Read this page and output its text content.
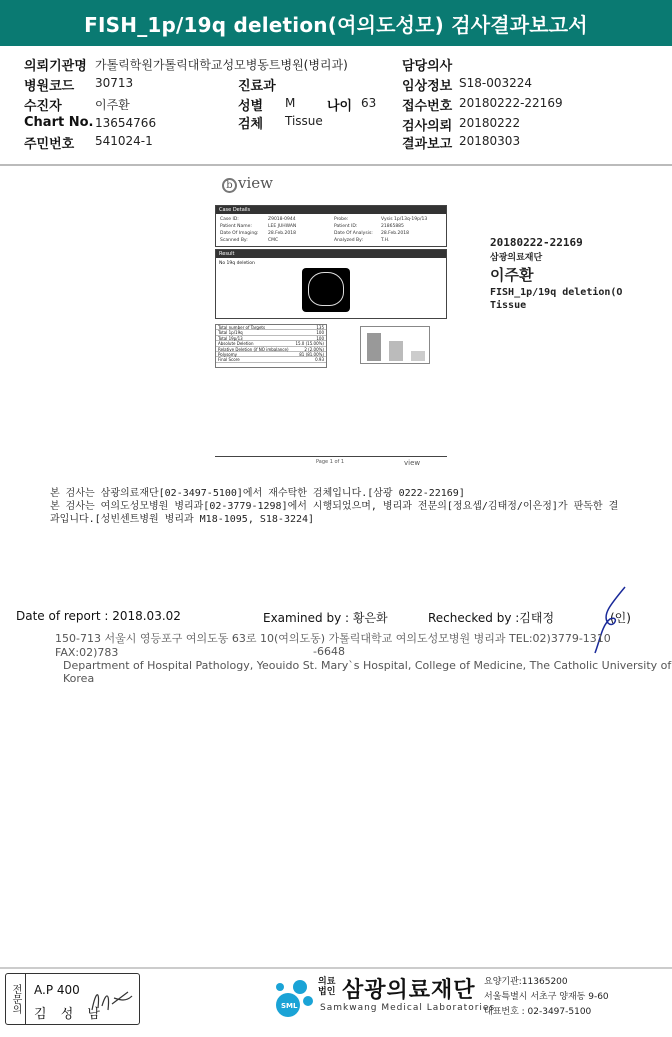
FISH_1p/19q deletion(여의도성모) 검사결과보고서
의뢰기관명 가톨릭학원가톨릭대학교성모병동트병원(병리과)
병원코드 30713
수진자	이주환
Chart No. 13654766
주민번호 541024-1
진료과
성별 M 나이 63
검체 Tissue
담당의사
임상정보 S18-003224
접수번호 20180222-22169
검사의뢰 20180222
결과보고 20180303
b view
Case Details
Case ID:	Z9018-0944	Probe:	Vysis 1p/13q-19p/13
Patient Name:	LEE JUHWAN	Patient ID:	21865885
Date Of Imaging: 28.Feb.2018	Date Of Analysis: 28.Feb.2018
Scanned By:	CMC	Analyzed By:	T.H.
Result
No 19q deletion
Total number of Targets	135
Total 1p/19q	100
Total 19p/13	100
Absolute Deletion	15.0 (15.00%)
Relative Deletion (if NO imbalance)	2 (2.00%)
Polysomy	81 (81.00%)
Final Score	0.93
Page 1 of 1	view
20180222-22169
삼광의료재단
이주환
FISH_1p/19q deletion(O
Tissue
본 검사는 삼광의료재단[02-3497-5100]에서 재수탁한 검체입니다.[삼광 0222-22169]
본 검사는 여의도성모병원 병리과[02-3779-1298]에서 시행되었으며, 병리과 전문의[정요셉/김태정/이은정]가 판독한 결
과입니다.[성빈센트병원 병리과 M18-1095, S18-3224]
Date of report : 2018.03.02	Examined by : 황은화	Rechecked by :김태정	(인)
150-713 서울시 영등포구 여의도동 63로 10(여의도동) 가톨릭대학교 여의도성모병원 병리과 TEL:02)3779-1310 FAX:02)783	-6648
Department of Hospital Pathology, Yeouido St. Mary`s Hospital, College of Medicine, The Catholic University of Korea
전문의	A.P 400
김 성 남
SML
의료
법인 삼광의료재단
Samkwang Medical Laboratories
요양기관:11365200
서울특별시 서초구 양재동 9-60
대표번호 : 02-3497-5100
